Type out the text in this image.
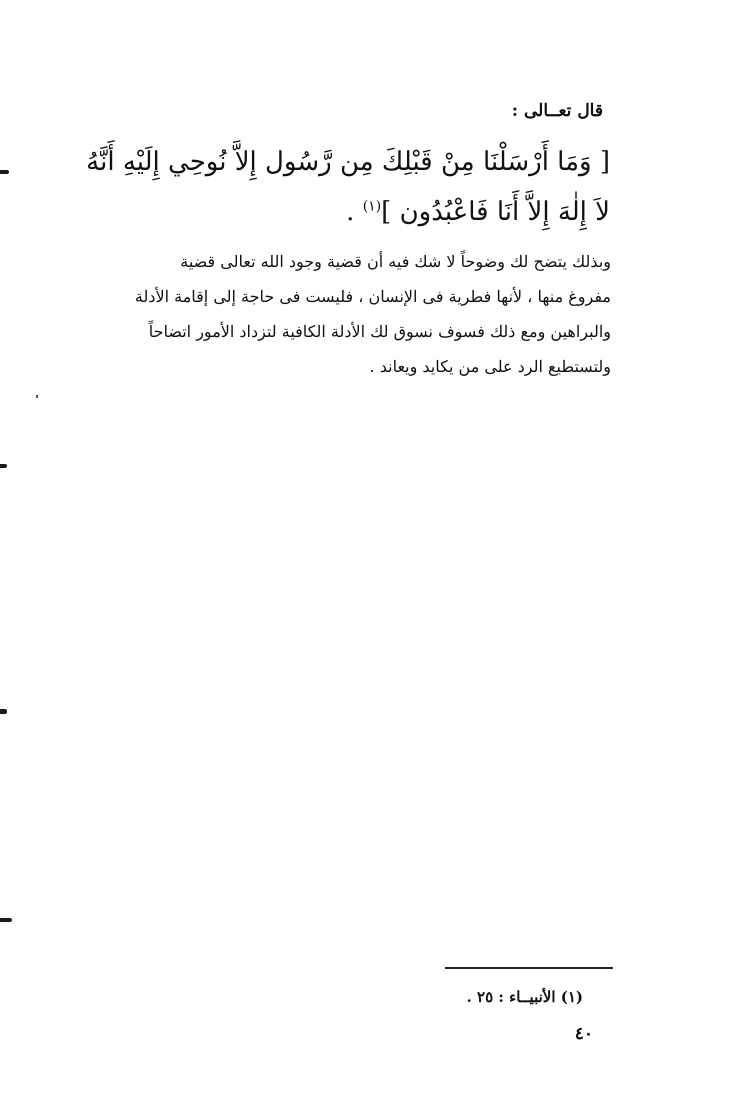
قال تعــالى :
[ وَمَا أَرْسَلْنَا مِنْ قَبْلِكَ مِن رَّسُول إِلاَّ نُوحِي إِلَيْهِ أَنَّهُ
لاَ إِلٰهَ إِلاَّ أَنَا فَاعْبُدُون ]$^{(١)}$ .
وبذلك يتضح لك وضوحاً لا شك فيه أن قضية وجود الله تعالى قضية
مفروغ منها ، لأنها فطرية فى الإنسان ، فليست فى حاجة إلى إقامة الأدلة
والبراهين ومع ذلك فسوف نسوق لك الأدلة الكافية لتزداد الأمور اتضاحاً
ولتستطيع الرد على من يكايد ويعاند .
(١) الأنبيــاء : ٢٥ .
٤٠
